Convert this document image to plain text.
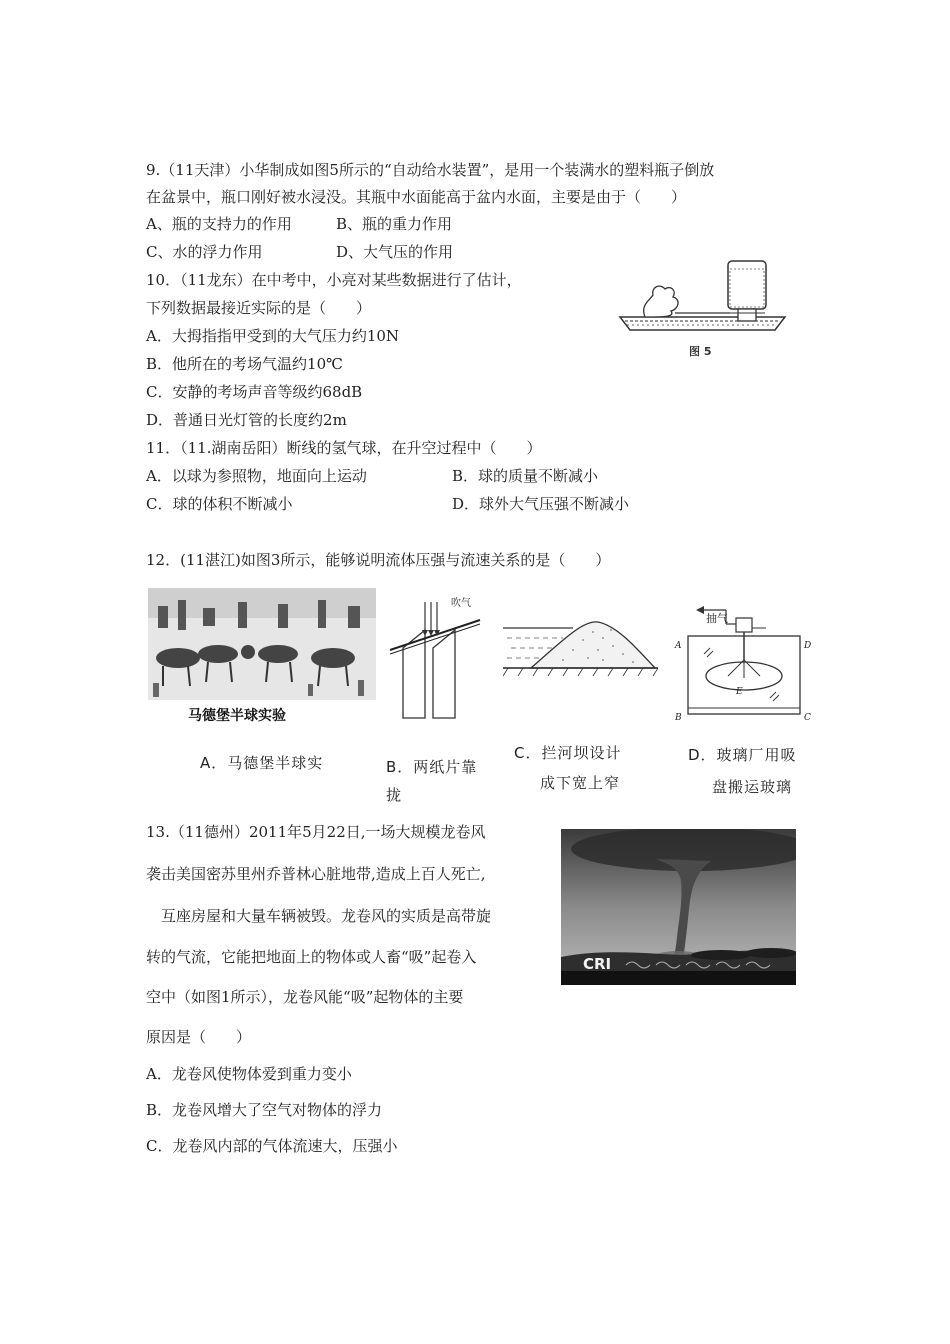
9.（11天津）小华制成如图5所示的“自动给水装置”，是用一个装满水的塑料瓶子倒放
在盆景中，瓶口刚好被水浸没。其瓶中水面能高于盆内水面，主要是由于（　　）
A、瓶的支持力的作用	B、瓶的重力作用
C、水的浮力作用	D、大气压的作用
10．（11龙东）在中考中，小亮对某些数据进行了估计，
下列数据最接近实际的是（　　）
A．大拇指指甲受到的大气压力约10N
B．他所在的考场气温约10℃
C．安静的考场声音等级约68dB
D．普通日光灯管的长度约2m
图 5
11．（11.湖南岳阳）断线的氢气球，在升空过程中（　　）
A．以球为参照物，地面向上运动	B．球的质量不断减小
C．球的体积不断减小	D．球外大气压强不断减小
12．(11湛江)如图3所示，能够说明流体压强与流速关系的是（　　）
马德堡半球实验
吹气
抽气
A	D
B	C
E
A．马德堡半球实	B．两纸片靠
拢
C．拦河坝设计
成下宽上窄
D．玻璃厂用吸
盘搬运玻璃
13.（11德州）2011年5月22日,一场大规模龙卷风
袭击美国密苏里州乔普林心脏地带,造成上百人死亡,
　互座房屋和大量车辆被毁。龙卷风的实质是高带旋
转的气流，它能把地面上的物体或人畜“吸”起卷入
空中（如图1所示），龙卷风能“吸”起物体的主要
原因是（　　）
A．龙卷风使物体爱到重力变小
B．龙卷风增大了空气对物体的浮力
C．龙卷风内部的气体流速大，压强小
CRI
